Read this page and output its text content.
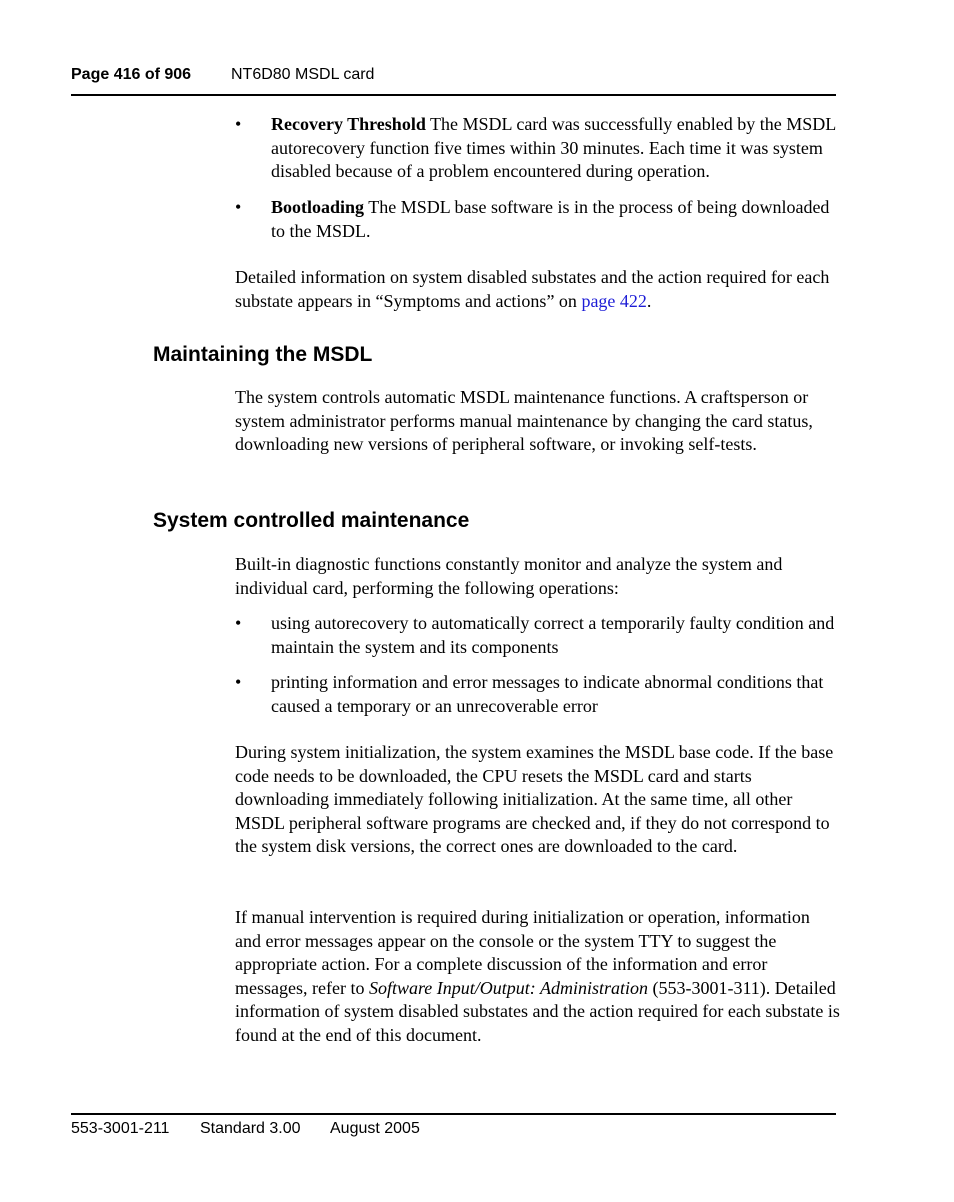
Page 416 of 906 NT6D80 MSDL card
• Recovery Threshold The MSDL card was successfully enabled by the MSDL autorecovery function five times within 30 minutes. Each time it was system disabled because of a problem encountered during operation.
• Bootloading The MSDL base software is in the process of being downloaded to the MSDL.
Detailed information on system disabled substates and the action required for each substate appears in “Symptoms and actions” on page 422.
Maintaining the MSDL
The system controls automatic MSDL maintenance functions. A craftsperson or system administrator performs manual maintenance by changing the card status, downloading new versions of peripheral software, or invoking self-tests.
System controlled maintenance
Built-in diagnostic functions constantly monitor and analyze the system and individual card, performing the following operations:
• using autorecovery to automatically correct a temporarily faulty condition and maintain the system and its components
• printing information and error messages to indicate abnormal conditions that caused a temporary or an unrecoverable error
During system initialization, the system examines the MSDL base code. If the base code needs to be downloaded, the CPU resets the MSDL card and starts downloading immediately following initialization. At the same time, all other MSDL peripheral software programs are checked and, if they do not correspond to the system disk versions, the correct ones are downloaded to the card.
If manual intervention is required during initialization or operation, information and error messages appear on the console or the system TTY to suggest the appropriate action. For a complete discussion of the information and error messages, refer to Software Input/Output: Administration (553-3001-311). Detailed information of system disabled substates and the action required for each substate is found at the end of this document.
553-3001-211 Standard 3.00 August 2005
